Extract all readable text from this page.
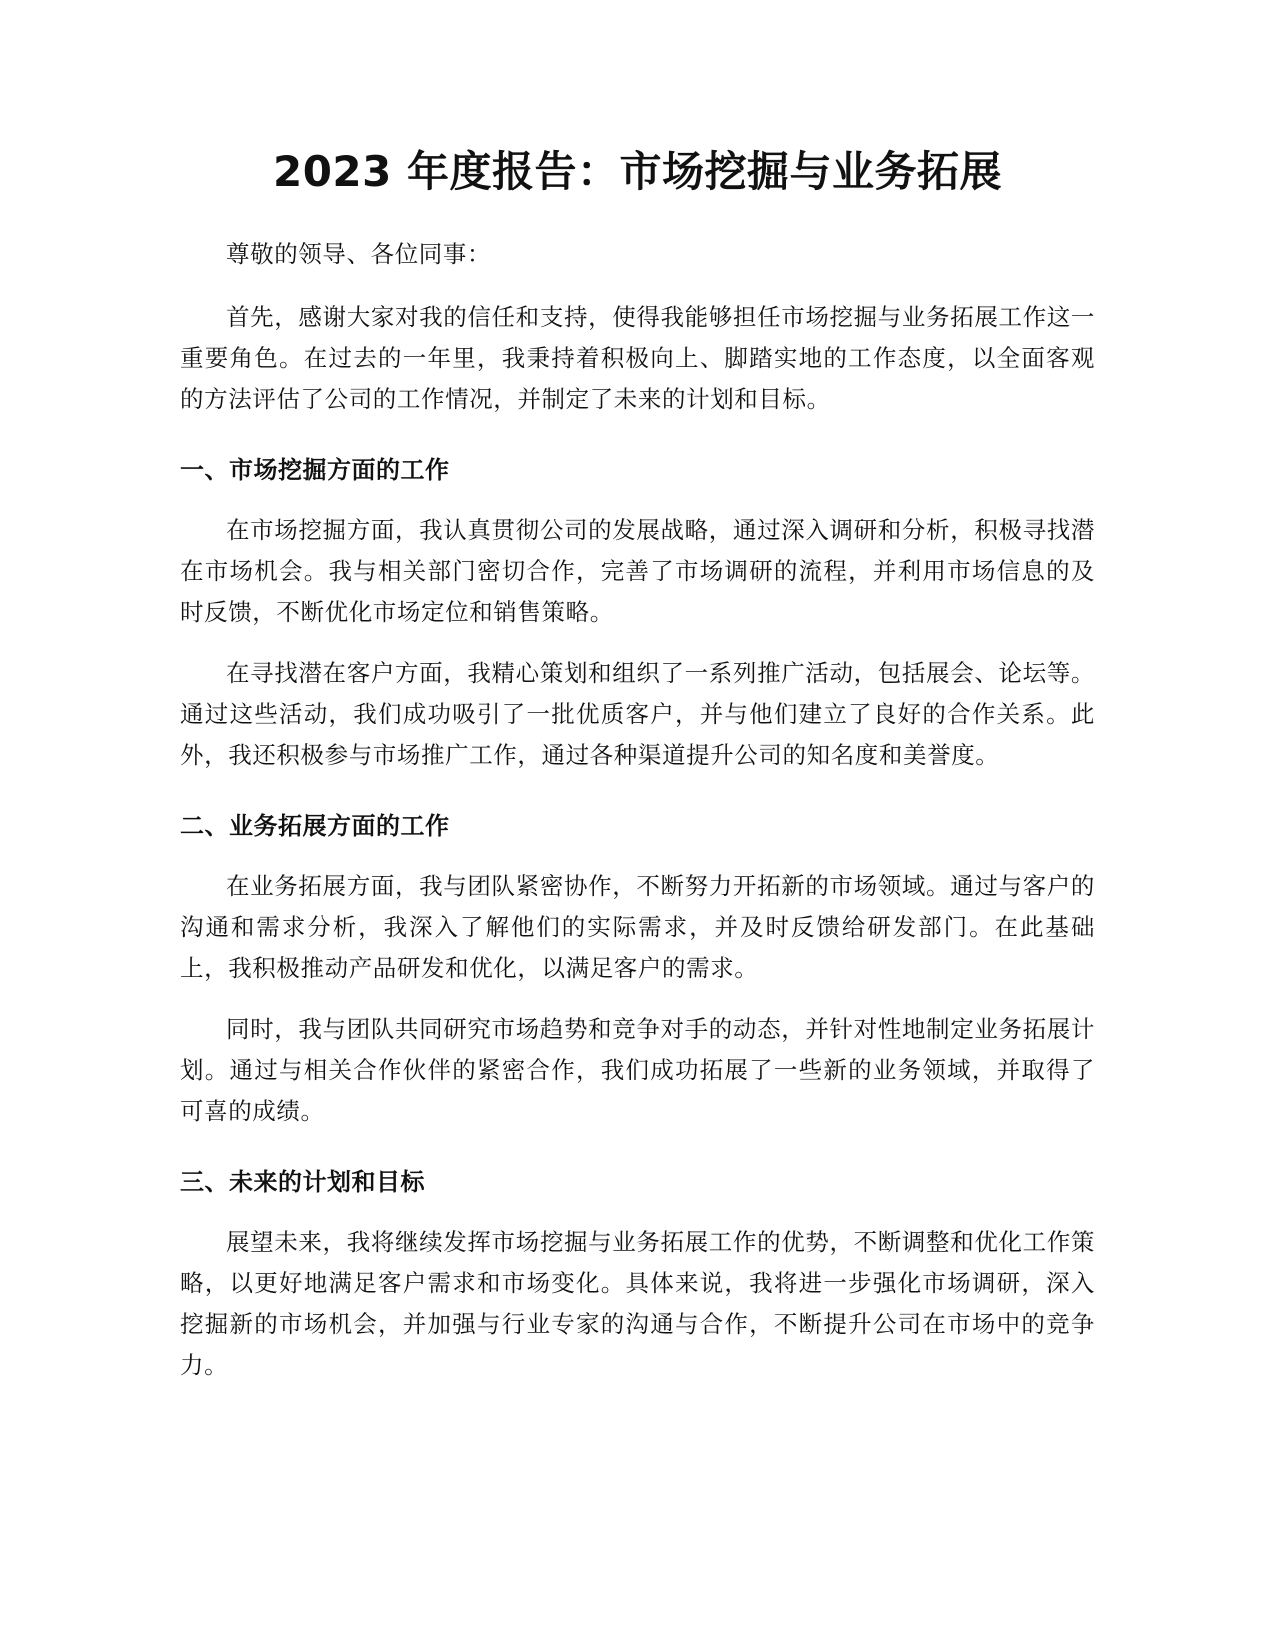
2023 年度报告：市场挖掘与业务拓展

尊敬的领导、各位同事：

首先，感谢大家对我的信任和支持，使得我能够担任市场挖掘与业务拓展工作这一重要角色。在过去的一年里，我秉持着积极向上、脚踏实地的工作态度，以全面客观的方法评估了公司的工作情况，并制定了未来的计划和目标。

一、市场挖掘方面的工作

在市场挖掘方面，我认真贯彻公司的发展战略，通过深入调研和分析，积极寻找潜在市场机会。我与相关部门密切合作，完善了市场调研的流程，并利用市场信息的及时反馈，不断优化市场定位和销售策略。

在寻找潜在客户方面，我精心策划和组织了一系列推广活动，包括展会、论坛等。通过这些活动，我们成功吸引了一批优质客户，并与他们建立了良好的合作关系。此外，我还积极参与市场推广工作，通过各种渠道提升公司的知名度和美誉度。

二、业务拓展方面的工作

在业务拓展方面，我与团队紧密协作，不断努力开拓新的市场领域。通过与客户的沟通和需求分析，我深入了解他们的实际需求，并及时反馈给研发部门。在此基础上，我积极推动产品研发和优化，以满足客户的需求。

同时，我与团队共同研究市场趋势和竞争对手的动态，并针对性地制定业务拓展计划。通过与相关合作伙伴的紧密合作，我们成功拓展了一些新的业务领域，并取得了可喜的成绩。

三、未来的计划和目标

展望未来，我将继续发挥市场挖掘与业务拓展工作的优势，不断调整和优化工作策略，以更好地满足客户需求和市场变化。具体来说，我将进一步强化市场调研，深入挖掘新的市场机会，并加强与行业专家的沟通与合作，不断提升公司在市场中的竞争力。
